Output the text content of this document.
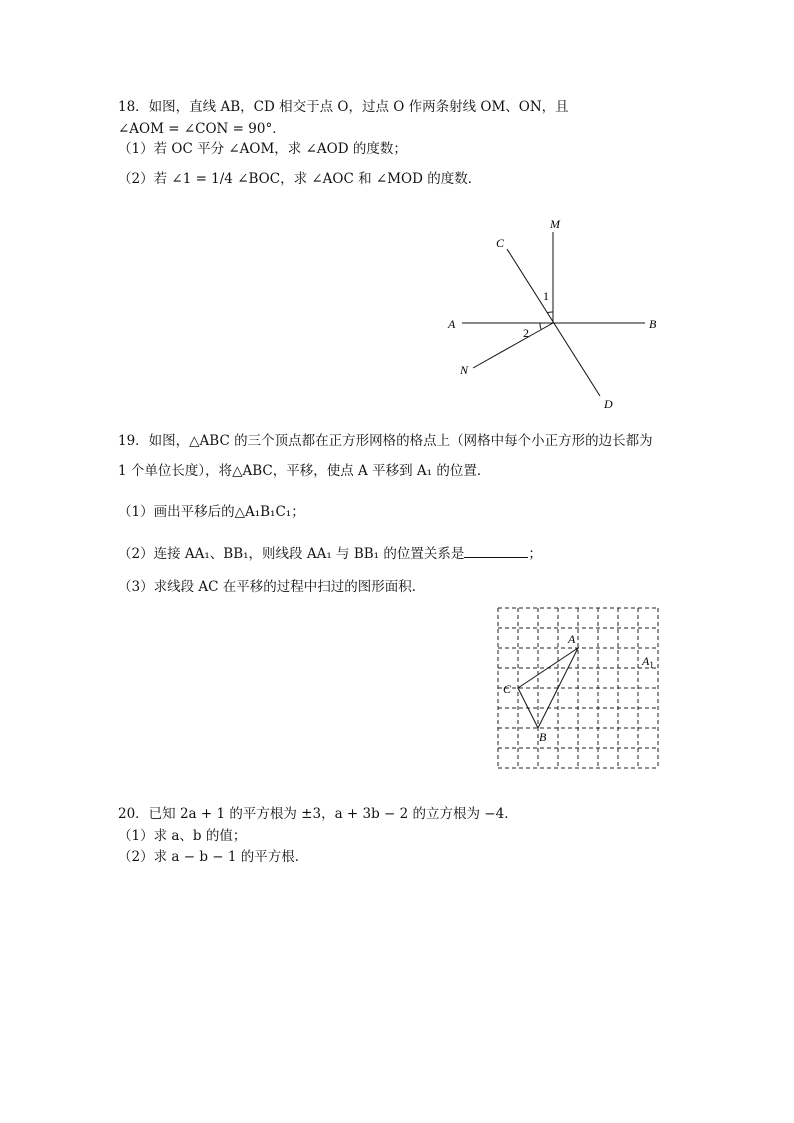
18．如图，直线 AB，CD 相交于点 O，过点 O 作两条射线 OM、ON，且
∠AOM = ∠CON = 90°．
（1）若 OC 平分 ∠AOM，求 ∠AOD 的度数；
（2）若 ∠1 = 1/4 ∠BOC，求 ∠AOC 和 ∠MOD 的度数．
M
C
A	B
N
D
1
2
19．如图，△ABC 的三个顶点都在正方形网格的格点上（网格中每个小正方形的边长都为
1 个单位长度），将△ABC，平移，使点 A 平移到 A₁ 的位置．
（1）画出平移后的△A₁B₁C₁；
（2）连接 AA₁、BB₁，则线段 AA₁ 与 BB₁ 的位置关系是	；
（3）求线段 AC 在平移的过程中扫过的图形面积．
A
$A_1$
C
B
20．已知 2a + 1 的平方根为 ±3，a + 3b − 2 的立方根为 −4．
（1）求 a、b 的值；
（2）求 a − b − 1 的平方根．
